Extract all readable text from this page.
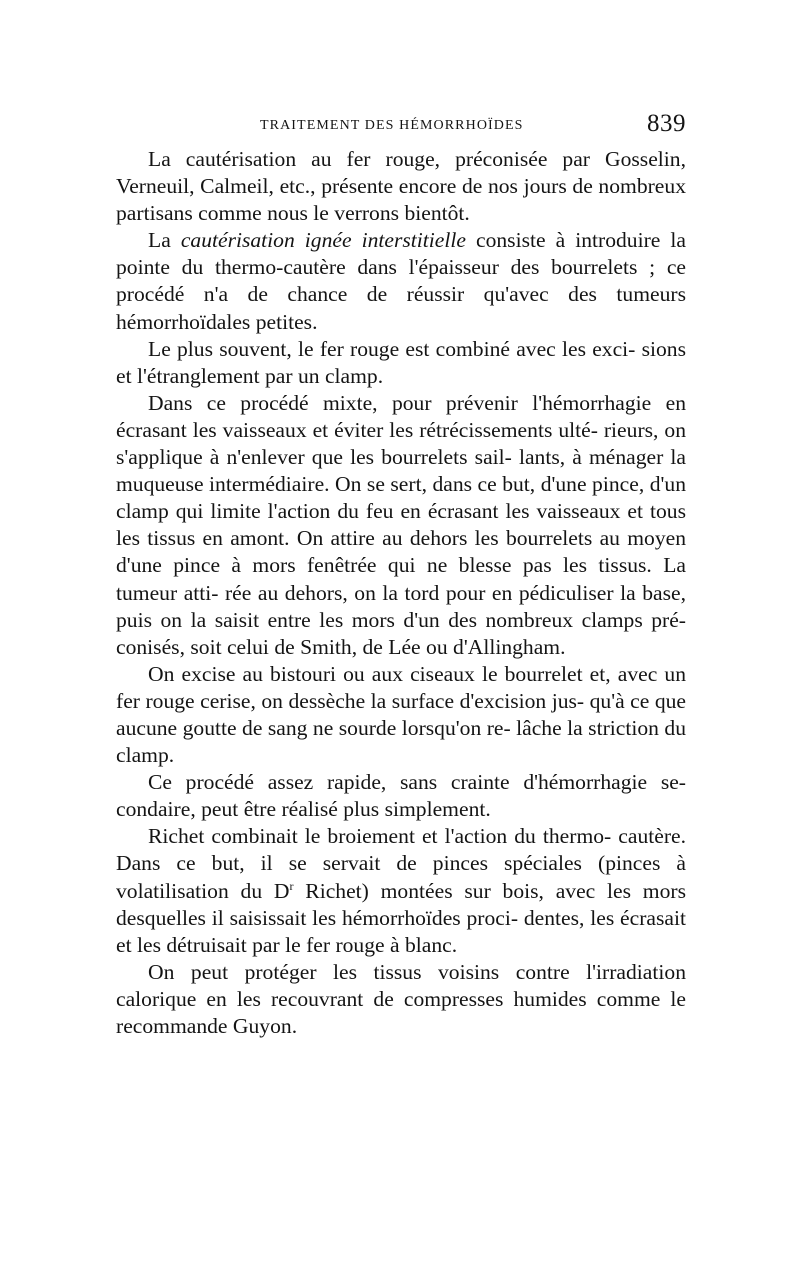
TRAITEMENT DES HÉMORRHOÏDES	839

La cautérisation au fer rouge, préconisée par Gosselin, Verneuil, Calmeil, etc., présente encore de nos jours de nombreux partisans comme nous le verrons bientôt.

La cautérisation ignée interstitielle consiste à introduire la pointe du thermo-cautère dans l'épaisseur des bourrelets ; ce procédé n'a de chance de réussir qu'avec des tumeurs hémorrhoïdales petites.

Le plus souvent, le fer rouge est combiné avec les exci- sions et l'étranglement par un clamp.

Dans ce procédé mixte, pour prévenir l'hémorrhagie en écrasant les vaisseaux et éviter les rétrécissements ulté- rieurs, on s'applique à n'enlever que les bourrelets sail- lants, à ménager la muqueuse intermédiaire. On se sert, dans ce but, d'une pince, d'un clamp qui limite l'action du feu en écrasant les vaisseaux et tous les tissus en amont. On attire au dehors les bourrelets au moyen d'une pince à mors fenêtrée qui ne blesse pas les tissus. La tumeur atti- rée au dehors, on la tord pour en pédiculiser la base, puis on la saisit entre les mors d'un des nombreux clamps pré- conisés, soit celui de Smith, de Lée ou d'Allingham.

On excise au bistouri ou aux ciseaux le bourrelet et, avec un fer rouge cerise, on dessèche la surface d'excision jus- qu'à ce que aucune goutte de sang ne sourde lorsqu'on re- lâche la striction du clamp.

Ce procédé assez rapide, sans crainte d'hémorrhagie se- condaire, peut être réalisé plus simplement.

Richet combinait le broiement et l'action du thermo- cautère. Dans ce but, il se servait de pinces spéciales (pinces à volatilisation du $D^r$ Richet) montées sur bois, avec les mors desquelles il saisissait les hémorrhoïdes proci- dentes, les écrasait et les détruisait par le fer rouge à blanc.

On peut protéger les tissus voisins contre l'irradiation calorique en les recouvrant de compresses humides comme le recommande Guyon.
